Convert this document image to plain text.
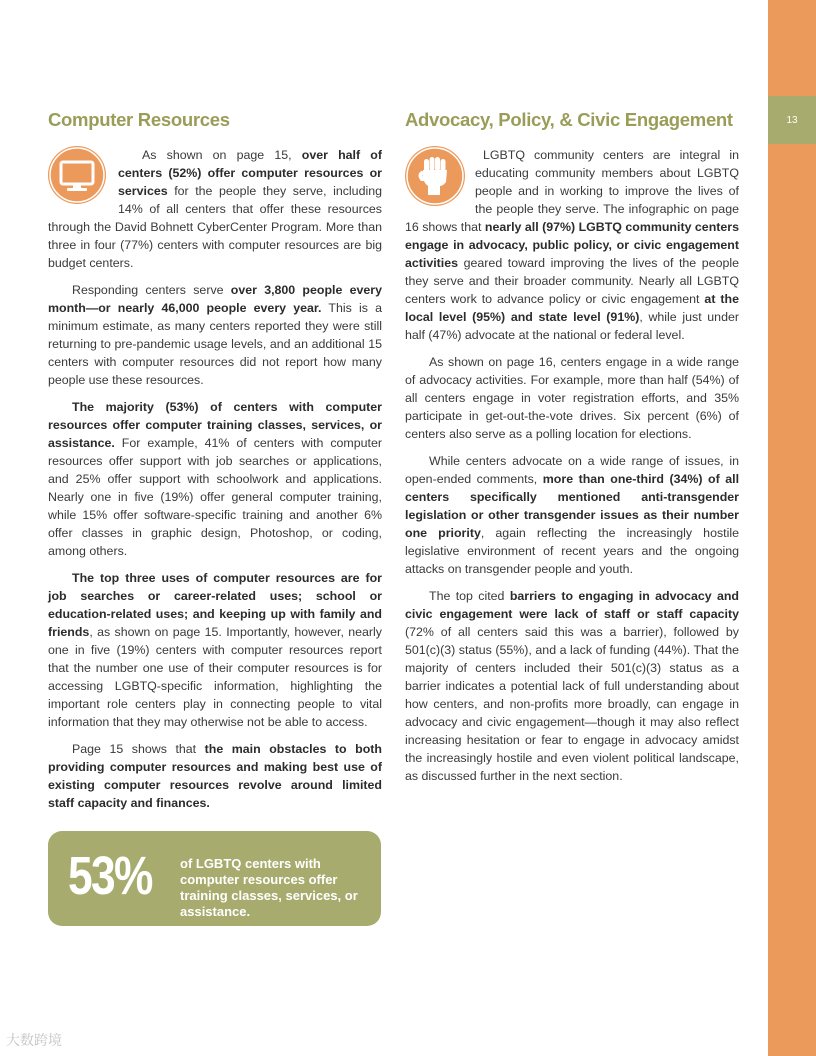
13
Computer Resources
As shown on page 15, over half of centers (52%) offer computer resources or services for the people they serve, including 14% of all centers that offer these resources through the David Bohnett CyberCenter Program. More than three in four (77%) centers with computer resources are big budget centers.
Responding centers serve over 3,800 people every month—or nearly 46,000 people every year. This is a minimum estimate, as many centers reported they were still returning to pre-pandemic usage levels, and an additional 15 centers with computer resources did not report how many people use these resources.
The majority (53%) of centers with computer resources offer computer training classes, services, or assistance. For example, 41% of centers with computer resources offer support with job searches or applications, and 25% offer support with schoolwork and applications. Nearly one in five (19%) offer general computer training, while 15% offer software-specific training and another 6% offer classes in graphic design, Photoshop, or coding, among others.
The top three uses of computer resources are for job searches or career-related uses; school or education-related uses; and keeping up with family and friends, as shown on page 15. Importantly, however, nearly one in five (19%) centers with computer resources report that the number one use of their computer resources is for accessing LGBTQ-specific information, highlighting the important role centers play in connecting people to vital information that they may otherwise not be able to access.
Page 15 shows that the main obstacles to both providing computer resources and making best use of existing computer resources revolve around limited staff capacity and finances.
53% of LGBTQ centers with computer resources offer training classes, services, or assistance.
Advocacy, Policy, & Civic Engagement
LGBTQ community centers are integral in educating community members about LGBTQ people and in working to improve the lives of the people they serve. The infographic on page 16 shows that nearly all (97%) LGBTQ community centers engage in advocacy, public policy, or civic engagement activities geared toward improving the lives of the people they serve and their broader community. Nearly all LGBTQ centers work to advance policy or civic engagement at the local level (95%) and state level (91%), while just under half (47%) advocate at the national or federal level.
As shown on page 16, centers engage in a wide range of advocacy activities. For example, more than half (54%) of all centers engage in voter registration efforts, and 35% participate in get-out-the-vote drives. Six percent (6%) of centers also serve as a polling location for elections.
While centers advocate on a wide range of issues, in open-ended comments, more than one-third (34%) of all centers specifically mentioned anti-transgender legislation or other transgender issues as their number one priority, again reflecting the increasingly hostile legislative environment of recent years and the ongoing attacks on transgender people and youth.
The top cited barriers to engaging in advocacy and civic engagement were lack of staff or staff capacity (72% of all centers said this was a barrier), followed by 501(c)(3) status (55%), and a lack of funding (44%). That the majority of centers included their 501(c)(3) status as a barrier indicates a potential lack of full understanding about how centers, and non-profits more broadly, can engage in advocacy and civic engagement—though it may also reflect increasing hesitation or fear to engage in advocacy amidst the increasingly hostile and even violent political landscape, as discussed further in the next section.
大数跨境
